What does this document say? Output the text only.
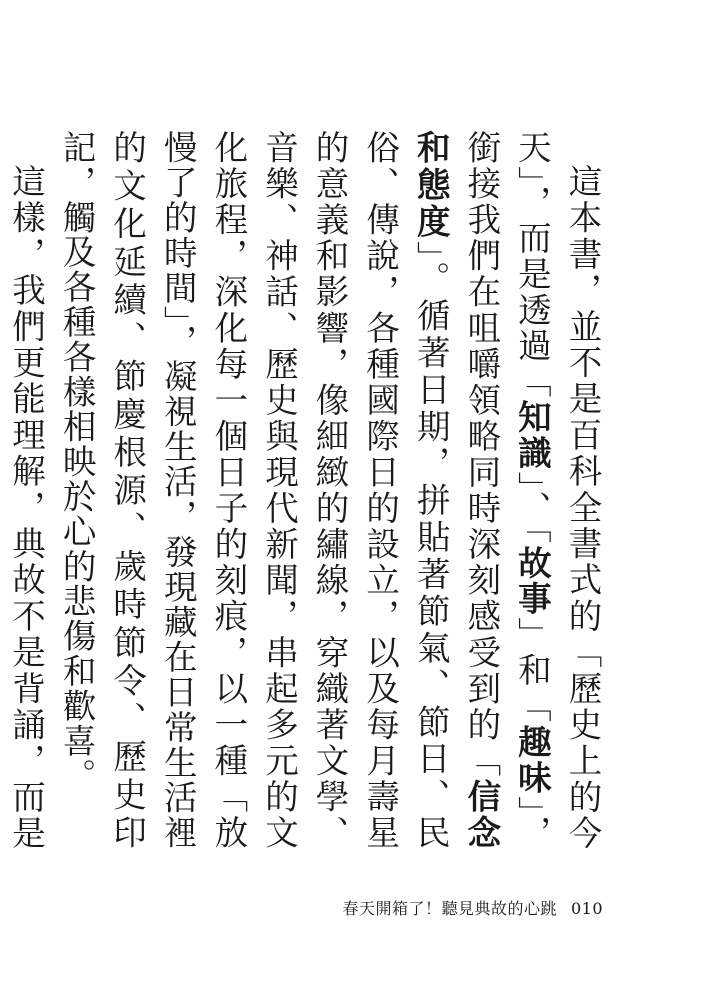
這本書，並不是百科全書式的「歷史上的今天」，而是透過「知識」、「故事」和「趣味」，銜接我們在咀嚼領略同時深刻感受到的「信念和態度」。循著日期，拼貼著節氣、節日、民俗、傳說，各種國際日的設立，以及每月壽星的意義和影響，像細緻的繡線，穿織著文學、音樂、神話、歷史與現代新聞，串起多元的文化旅程，深化每一個日子的刻痕，以一種「放慢了的時間」，凝視生活，發現藏在日常生活裡的文化延續、節慶根源、歲時節令、歷史印記，觸及各種各樣相映於心的悲傷和歡喜。

這樣，我們更能理解，典故不是背誦，而是

春天開箱了！聽見典故的心跳 010
